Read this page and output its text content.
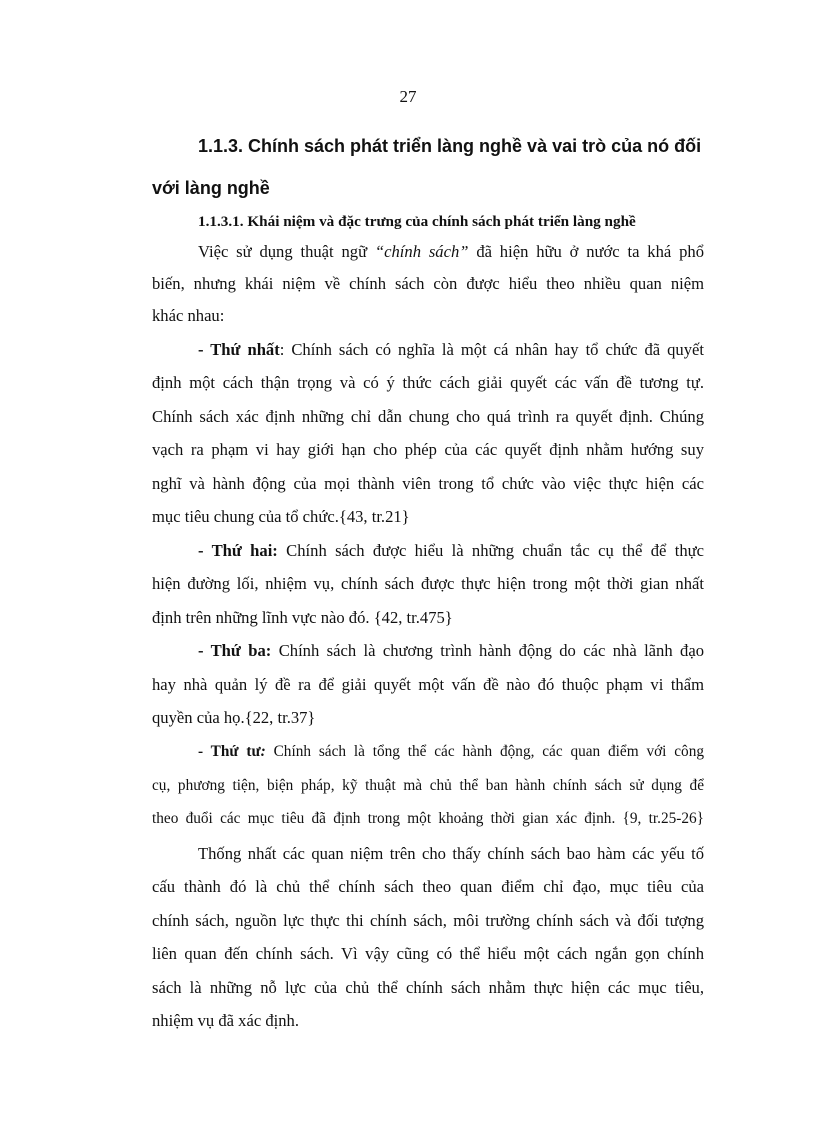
27
1.1.3. Chính sách phát triển làng nghề và vai trò của nó đối
với làng nghề
1.1.3.1. Khái niệm và đặc trưng của chính sách phát triển làng nghề
Việc sử dụng thuật ngữ “chính sách” đã hiện hữu ở nước ta khá phổ
biến, nhưng khái niệm về chính sách còn được hiểu theo nhiều quan niệm
khác nhau:
- Thứ nhất: Chính sách có nghĩa là một cá nhân hay tổ chức đã quyết
định một cách thận trọng và có ý thức cách giải quyết các vấn đề tương tự.
Chính sách xác định những chỉ dẫn chung cho quá trình ra quyết định. Chúng
vạch ra phạm vi hay giới hạn cho phép của các quyết định nhằm hướng suy
nghĩ và hành động của mọi thành viên trong tổ chức vào việc thực hiện các
mục tiêu chung của tổ chức.{43, tr.21}
- Thứ hai: Chính sách được hiểu là những chuẩn tắc cụ thể để thực
hiện đường lối, nhiệm vụ, chính sách được thực hiện trong một thời gian nhất
định trên những lĩnh vực nào đó. {42, tr.475}
- Thứ ba: Chính sách là chương trình hành động do các nhà lãnh đạo
hay nhà quản lý đề ra để giải quyết một vấn đề nào đó thuộc phạm vi thẩm
quyền của họ.{22, tr.37}
- Thứ tư: Chính sách là tổng thể các hành động, các quan điểm với công
cụ, phương tiện, biện pháp, kỹ thuật mà chủ thể ban hành chính sách sử dụng để
theo đuổi các mục tiêu đã định trong một khoảng thời gian xác định. {9, tr.25-26}
Thống nhất các quan niệm trên cho thấy chính sách bao hàm các yếu tố
cấu thành đó là chủ thể chính sách theo quan điểm chỉ đạo, mục tiêu của
chính sách, nguồn lực thực thi chính sách, môi trường chính sách và đối tượng
liên quan đến chính sách. Vì vậy cũng có thể hiểu một cách ngắn gọn chính
sách là những nỗ lực của chủ thể chính sách nhằm thực hiện các mục tiêu,
nhiệm vụ đã xác định.
